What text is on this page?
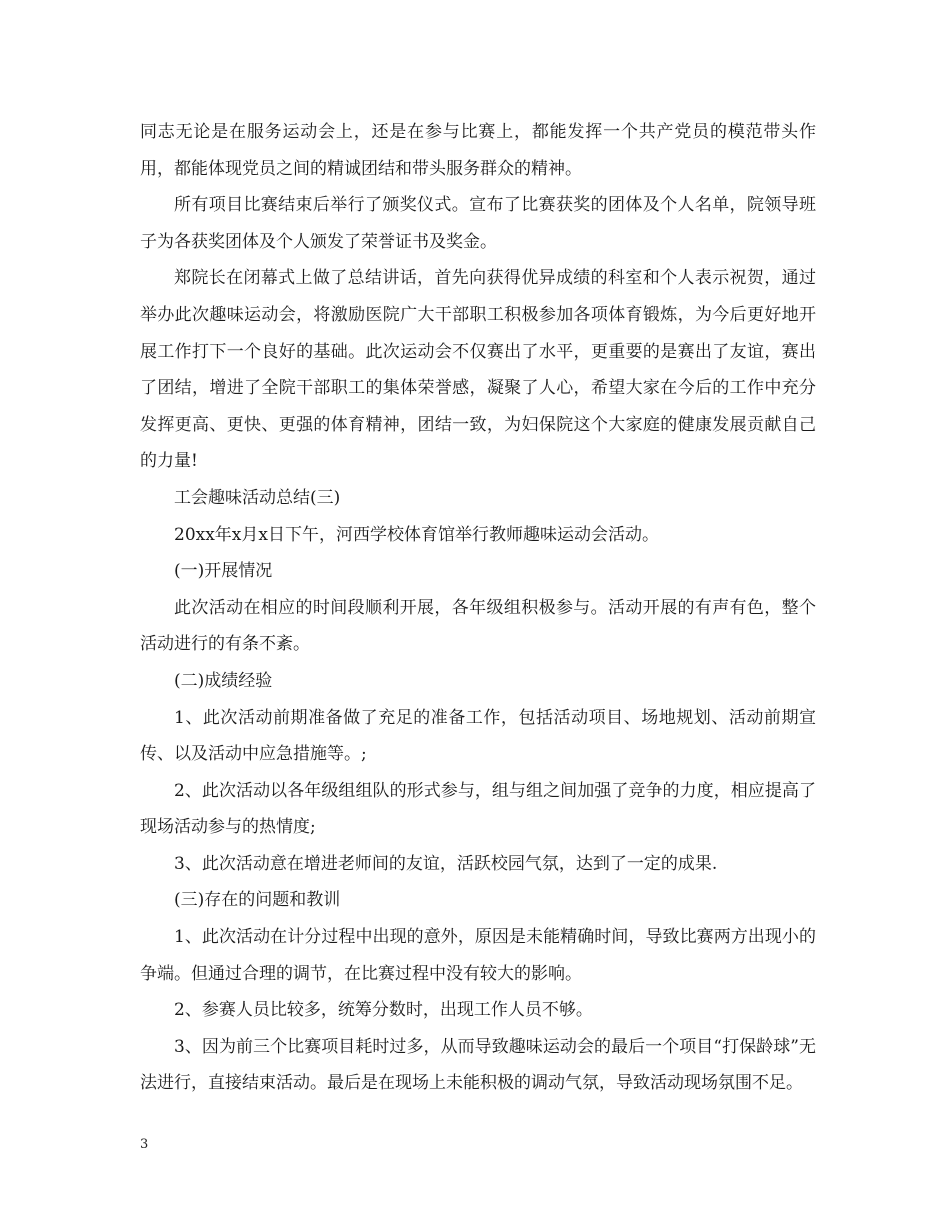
同志无论是在服务运动会上，还是在参与比赛上，都能发挥一个共产党员的模范带头作用，都能体现党员之间的精诚团结和带头服务群众的精神。

所有项目比赛结束后举行了颁奖仪式。宣布了比赛获奖的团体及个人名单，院领导班子为各获奖团体及个人颁发了荣誉证书及奖金。

郑院长在闭幕式上做了总结讲话，首先向获得优异成绩的科室和个人表示祝贺，通过举办此次趣味运动会，将激励医院广大干部职工积极参加各项体育锻炼，为今后更好地开展工作打下一个良好的基础。此次运动会不仅赛出了水平，更重要的是赛出了友谊，赛出了团结，增进了全院干部职工的集体荣誉感，凝聚了人心，希望大家在今后的工作中充分发挥更高、更快、更强的体育精神，团结一致，为妇保院这个大家庭的健康发展贡献自己的力量!

工会趣味活动总结(三)

20xx年x月x日下午，河西学校体育馆举行教师趣味运动会活动。

(一)开展情况

此次活动在相应的时间段顺利开展，各年级组积极参与。活动开展的有声有色，整个活动进行的有条不紊。

(二)成绩经验

1、此次活动前期准备做了充足的准备工作，包括活动项目、场地规划、活动前期宣传、以及活动中应急措施等。;

2、此次活动以各年级组组队的形式参与，组与组之间加强了竞争的力度，相应提高了现场活动参与的热情度;

3、此次活动意在增进老师间的友谊，活跃校园气氛，达到了一定的成果.

(三)存在的问题和教训

1、此次活动在计分过程中出现的意外，原因是未能精确时间，导致比赛两方出现小的争端。但通过合理的调节，在比赛过程中没有较大的影响。

2、参赛人员比较多，统筹分数时，出现工作人员不够。

3、因为前三个比赛项目耗时过多，从而导致趣味运动会的最后一个项目“打保龄球”无法进行，直接结束活动。最后是在现场上未能积极的调动气氛，导致活动现场氛围不足。

3
